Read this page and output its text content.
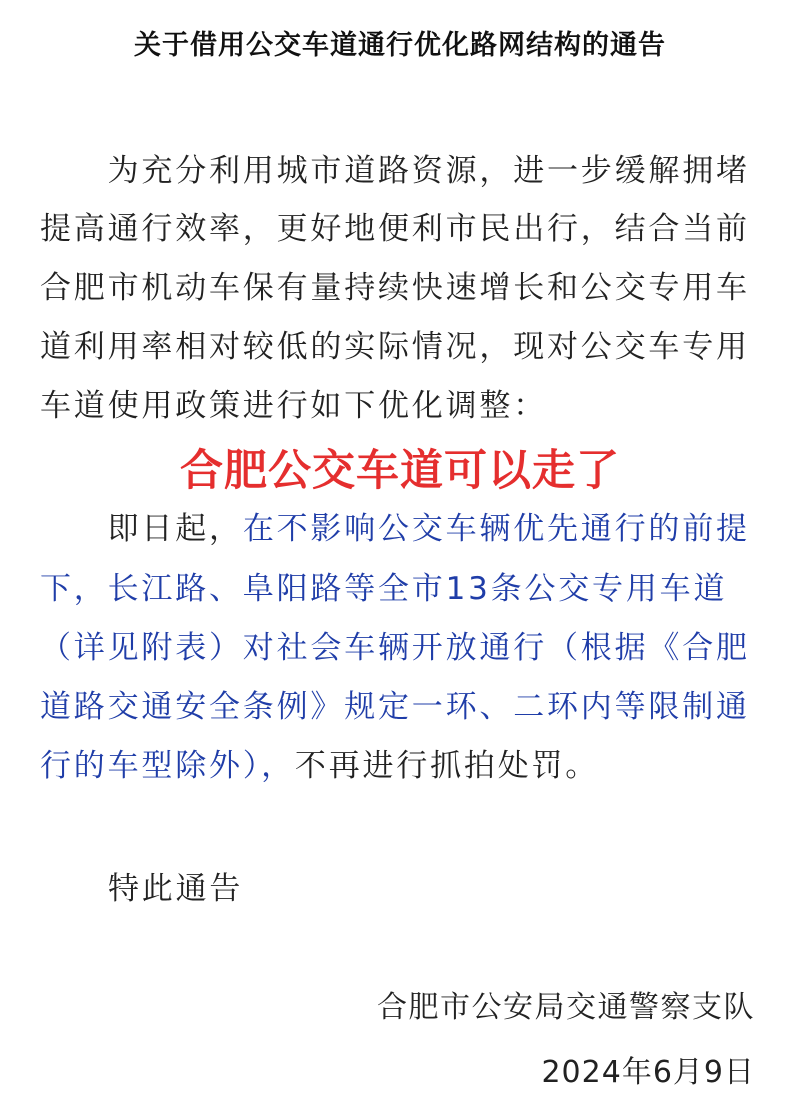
关于借用公交车道通行优化路网结构的通告
　　为充分利用城市道路资源，进一步缓解拥堵
提高通行效率，更好地便利市民出行，结合当前
合肥市机动车保有量持续快速增长和公交专用车
道利用率相对较低的实际情况，现对公交车专用
车道使用政策进行如下优化调整：
合肥公交车道可以走了
　　即日起，在不影响公交车辆优先通行的前提
下，长江路、阜阳路等全市13条公交专用车道
（详见附表）对社会车辆开放通行（根据《合肥
道路交通安全条例》规定一环、二环内等限制通
行的车型除外），不再进行抓拍处罚。
特此通告
合肥市公安局交通警察支队
2024年6月9日
